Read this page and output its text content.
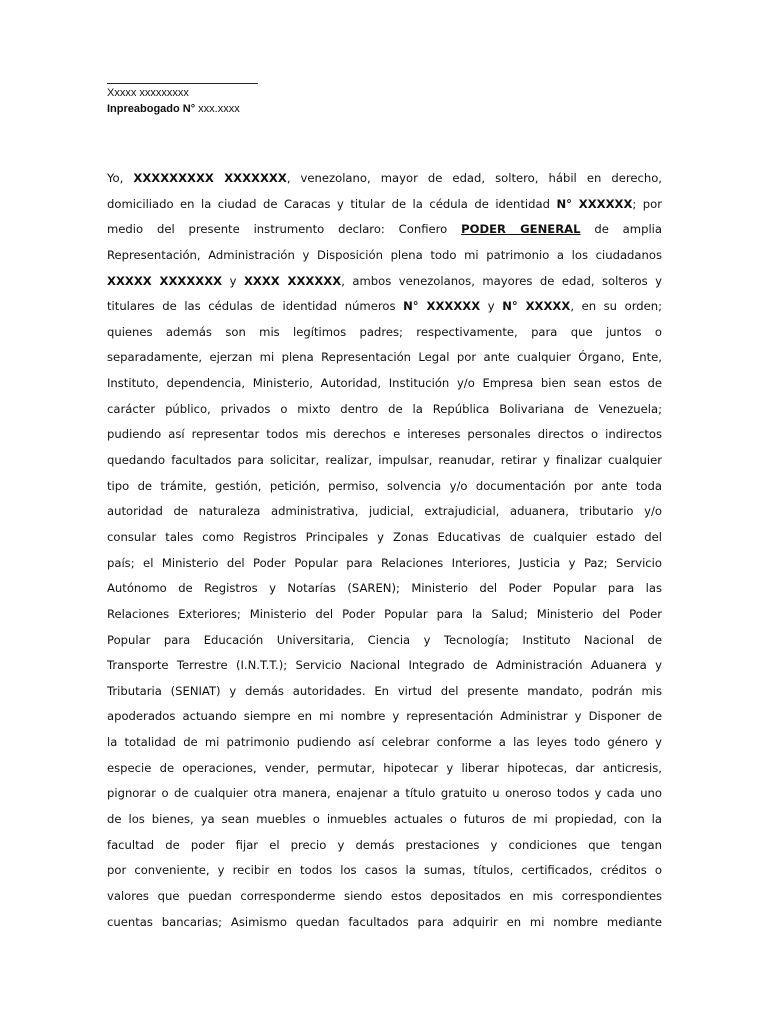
Xxxxx xxxxxxxxx
Inpreabogado N° xxx.xxxx
Yo, XXXXXXXXX XXXXXXX, venezolano, mayor de edad, soltero, hábil en derecho,
domiciliado en la ciudad de Caracas y titular de la cédula de identidad N° XXXXXX; por
medio del presente instrumento declaro: Confiero PODER GENERAL de amplia
Representación, Administración y Disposición plena todo mi patrimonio a los ciudadanos
XXXXX XXXXXXX y XXXX XXXXXX, ambos venezolanos, mayores de edad, solteros y
titulares de las cédulas de identidad números N° XXXXXX y N° XXXXX, en su orden;
quienes además son mis legítimos padres; respectivamente, para que juntos o
separadamente, ejerzan mi plena Representación Legal por ante cualquier Órgano, Ente,
Instituto, dependencia, Ministerio, Autoridad, Institución y/o Empresa bien sean estos de
carácter público, privados o mixto dentro de la República Bolivariana de Venezuela;
pudiendo así representar todos mis derechos e intereses personales directos o indirectos
quedando facultados para solicitar, realizar, impulsar, reanudar, retirar y finalizar cualquier
tipo de trámite, gestión, petición, permiso, solvencia y/o documentación por ante toda
autoridad de naturaleza administrativa, judicial, extrajudicial, aduanera, tributario y/o
consular tales como Registros Principales y Zonas Educativas de cualquier estado del
país; el Ministerio del Poder Popular para Relaciones Interiores, Justicia y Paz; Servicio
Autónomo de Registros y Notarías (SAREN); Ministerio del Poder Popular para las
Relaciones Exteriores; Ministerio del Poder Popular para la Salud; Ministerio del Poder
Popular para Educación Universitaria, Ciencia y Tecnología; Instituto Nacional de
Transporte Terrestre (I.N.T.T.); Servicio Nacional Integrado de Administración Aduanera y
Tributaria (SENIAT) y demás autoridades. En virtud del presente mandato, podrán mis
apoderados actuando siempre en mi nombre y representación Administrar y Disponer de
la totalidad de mi patrimonio pudiendo así celebrar conforme a las leyes todo género y
especie de operaciones, vender, permutar, hipotecar y liberar hipotecas, dar anticresis,
pignorar o de cualquier otra manera, enajenar a título gratuito u oneroso todos y cada uno
de los bienes, ya sean muebles o inmuebles actuales o futuros de mi propiedad, con la
facultad de poder fijar el precio y demás prestaciones y condiciones que tengan
por conveniente, y recibir en todos los casos la sumas, títulos, certificados, créditos o
valores que puedan corresponderme siendo estos depositados en mis correspondientes
cuentas bancarias; Asimismo quedan facultados para adquirir en mi nombre mediante
